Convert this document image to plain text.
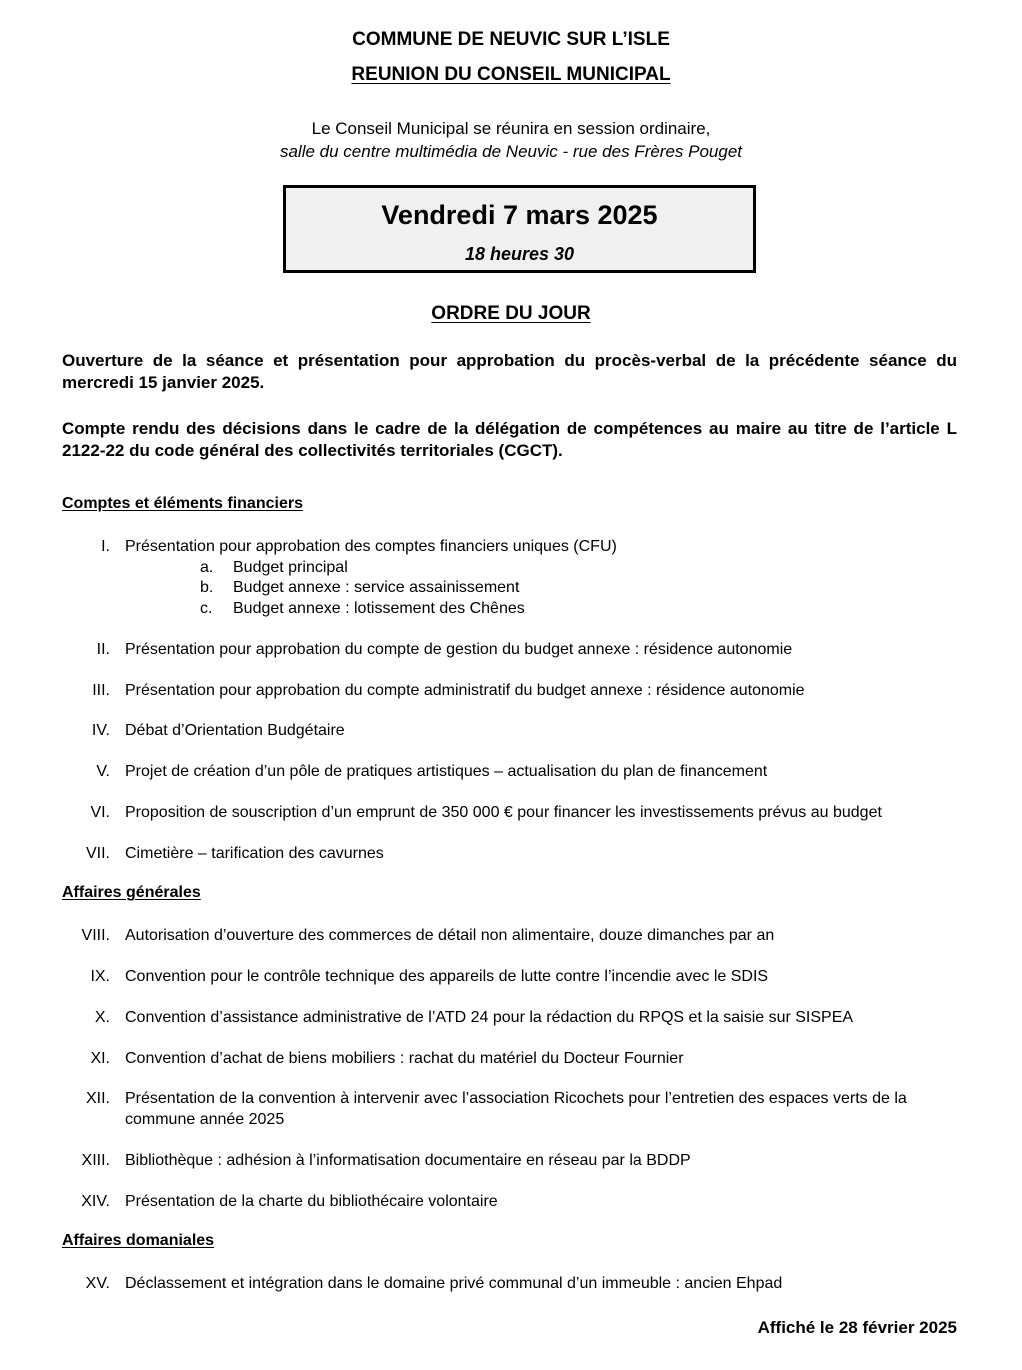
COMMUNE DE NEUVIC SUR L’ISLE
REUNION DU CONSEIL MUNICIPAL
Le Conseil Municipal se réunira en session ordinaire,
salle du centre multimédia de Neuvic - rue des Frères Pouget
Vendredi 7 mars 2025
18 heures 30
ORDRE DU JOUR
Ouverture de la séance et présentation pour approbation du procès-verbal de la précédente séance du mercredi 15 janvier 2025.
Compte rendu des décisions dans le cadre de la délégation de compétences au maire au titre de l’article L 2122-22 du code général des collectivités territoriales (CGCT).
Comptes et éléments financiers
I. Présentation pour approbation des comptes financiers uniques (CFU)
a. Budget principal
b. Budget annexe : service assainissement
c. Budget annexe : lotissement des Chênes
II. Présentation pour approbation du compte de gestion du budget annexe : résidence autonomie
III. Présentation pour approbation du compte administratif du budget annexe : résidence autonomie
IV. Débat d’Orientation Budgétaire
V. Projet de création d’un pôle de pratiques artistiques – actualisation du plan de financement
VI. Proposition de souscription d’un emprunt de 350 000 € pour financer les investissements prévus au budget
VII. Cimetière – tarification des cavurnes
Affaires générales
VIII. Autorisation d’ouverture des commerces de détail non alimentaire, douze dimanches par an
IX. Convention pour le contrôle technique des appareils de lutte contre l’incendie avec le SDIS
X. Convention d’assistance administrative de l’ATD 24 pour la rédaction du RPQS et la saisie sur SISPEA
XI. Convention d’achat de biens mobiliers : rachat du matériel du Docteur Fournier
XII. Présentation de la convention à intervenir avec l’association Ricochets pour l’entretien des espaces verts de la commune année 2025
XIII. Bibliothèque : adhésion à l’informatisation documentaire en réseau par la BDDP
XIV. Présentation de la charte du bibliothécaire volontaire
Affaires domaniales
XV. Déclassement et intégration dans le domaine privé communal d’un immeuble : ancien Ehpad
Affiché le 28 février 2025
